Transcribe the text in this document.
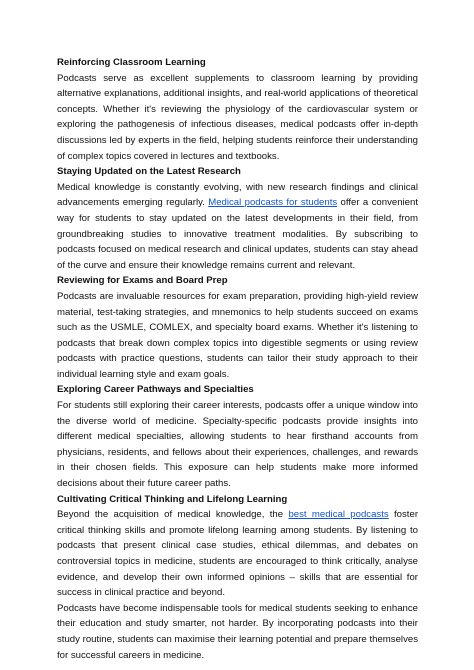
Reinforcing Classroom Learning

Podcasts serve as excellent supplements to classroom learning by providing alternative explanations, additional insights, and real-world applications of theoretical concepts. Whether it's reviewing the physiology of the cardiovascular system or exploring the pathogenesis of infectious diseases, medical podcasts offer in-depth discussions led by experts in the field, helping students reinforce their understanding of complex topics covered in lectures and textbooks.

Staying Updated on the Latest Research

Medical knowledge is constantly evolving, with new research findings and clinical advancements emerging regularly. Medical podcasts for students offer a convenient way for students to stay updated on the latest developments in their field, from groundbreaking studies to innovative treatment modalities. By subscribing to podcasts focused on medical research and clinical updates, students can stay ahead of the curve and ensure their knowledge remains current and relevant.

Reviewing for Exams and Board Prep

Podcasts are invaluable resources for exam preparation, providing high-yield review material, test-taking strategies, and mnemonics to help students succeed on exams such as the USMLE, COMLEX, and specialty board exams. Whether it's listening to podcasts that break down complex topics into digestible segments or using review podcasts with practice questions, students can tailor their study approach to their individual learning style and exam goals.

Exploring Career Pathways and Specialties

For students still exploring their career interests, podcasts offer a unique window into the diverse world of medicine. Specialty-specific podcasts provide insights into different medical specialties, allowing students to hear firsthand accounts from physicians, residents, and fellows about their experiences, challenges, and rewards in their chosen fields. This exposure can help students make more informed decisions about their future career paths.

Cultivating Critical Thinking and Lifelong Learning

Beyond the acquisition of medical knowledge, the best medical podcasts foster critical thinking skills and promote lifelong learning among students. By listening to podcasts that present clinical case studies, ethical dilemmas, and debates on controversial topics in medicine, students are encouraged to think critically, analyse evidence, and develop their own informed opinions – skills that are essential for success in clinical practice and beyond.

Podcasts have become indispensable tools for medical students seeking to enhance their education and study smarter, not harder. By incorporating podcasts into their study routine, students can maximise their learning potential and prepare themselves for successful careers in medicine.
